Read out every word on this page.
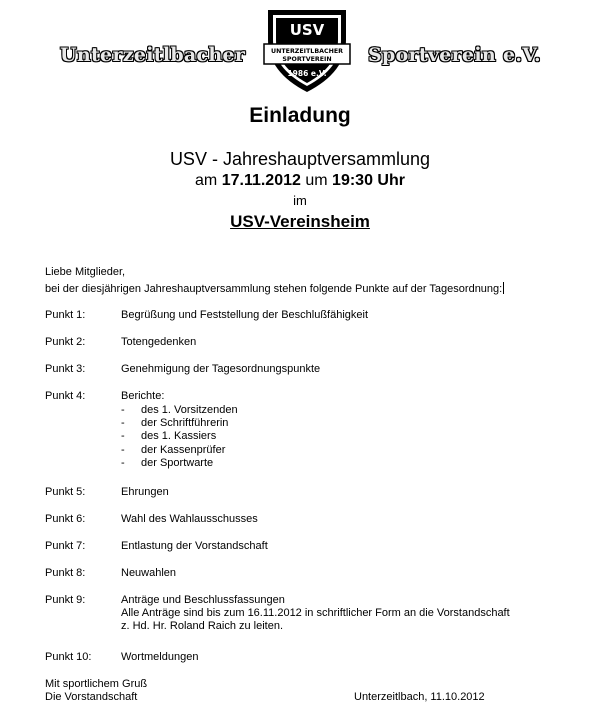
Unterzeitlbacher
USV
UNTERZEITLBACHER
SPORTVEREIN
1986 e.V.
Sportverein e.V.
Einladung
USV - Jahreshauptversammlung
am 17.11.2012 um 19:30 Uhr
im
USV-Vereinsheim
Liebe Mitglieder,
bei der diesjährigen Jahreshauptversammlung stehen folgende Punkte auf der Tagesordnung:
Punkt 1:	Begrüßung und Feststellung der Beschlußfähigkeit
Punkt 2:	Totengedenken
Punkt 3:	Genehmigung der Tagesordnungspunkte
Punkt 4:	Berichte:
- des 1. Vorsitzenden
- der Schriftführerin
- des 1. Kassiers
- der Kassenprüfer
- der Sportwarte
Punkt 5:	Ehrungen
Punkt 6:	Wahl des Wahlausschusses
Punkt 7:	Entlastung der Vorstandschaft
Punkt 8:	Neuwahlen
Punkt 9:	Anträge und Beschlussfassungen
Alle Anträge sind bis zum 16.11.2012 in schriftlicher Form an die Vorstandschaft
z. Hd. Hr. Roland Raich zu leiten.
Punkt 10:	Wortmeldungen
Mit sportlichem Gruß
Die Vorstandschaft	Unterzeitlbach, 11.10.2012
